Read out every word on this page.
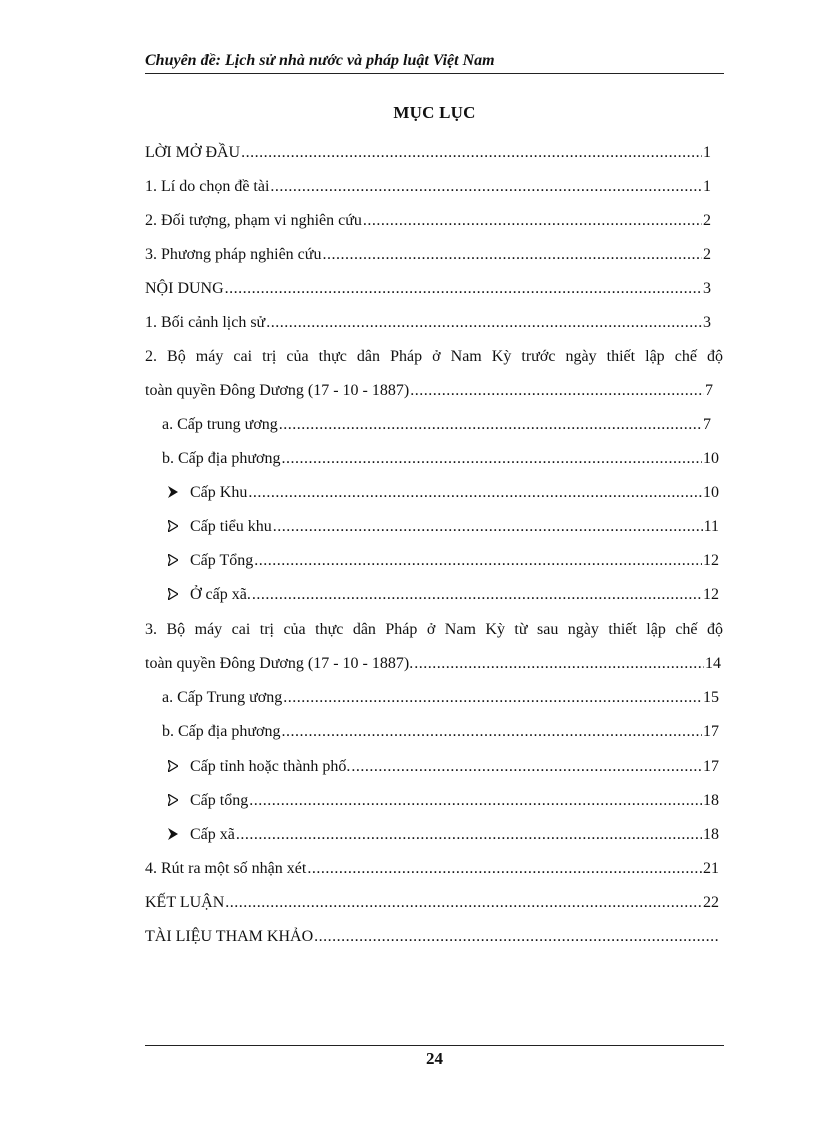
Chuyên đề: Lịch sử nhà nước và pháp luật Việt Nam
MỤC LỤC
LỜI MỞ ĐẦU .....	1
1. Lí do chọn đề tài .....	1
2. Đối tượng, phạm vi nghiên cứu .....	2
3. Phương pháp nghiên cứu .....	2
NỘI DUNG .....	3
1. Bối cảnh lịch sử .....	3
2. Bộ máy cai trị của thực dân Pháp ở Nam Kỳ trước ngày thiết lập chế độ
toàn quyền Đông Dương (17 - 10 - 1887) .....	7
a. Cấp trung ương .....	7
b. Cấp địa phương .....	10
Cấp Khu .....	10
Cấp tiểu khu .....	11
Cấp Tổng .....	12
Ở cấp xã. .....	12
3. Bộ máy cai trị của thực dân Pháp ở Nam Kỳ từ sau ngày thiết lập chế độ
toàn quyền Đông Dương (17 - 10 - 1887). .....	14
a. Cấp Trung ương .....	15
b. Cấp địa phương .....	17
Cấp tỉnh hoặc thành phố. .....	17
Cấp tổng .....	18
Cấp xã .....	18
4. Rút ra một số nhận xét .....	21
KẾT LUẬN .....	22
TÀI LIỆU THAM KHẢO
.....
24
